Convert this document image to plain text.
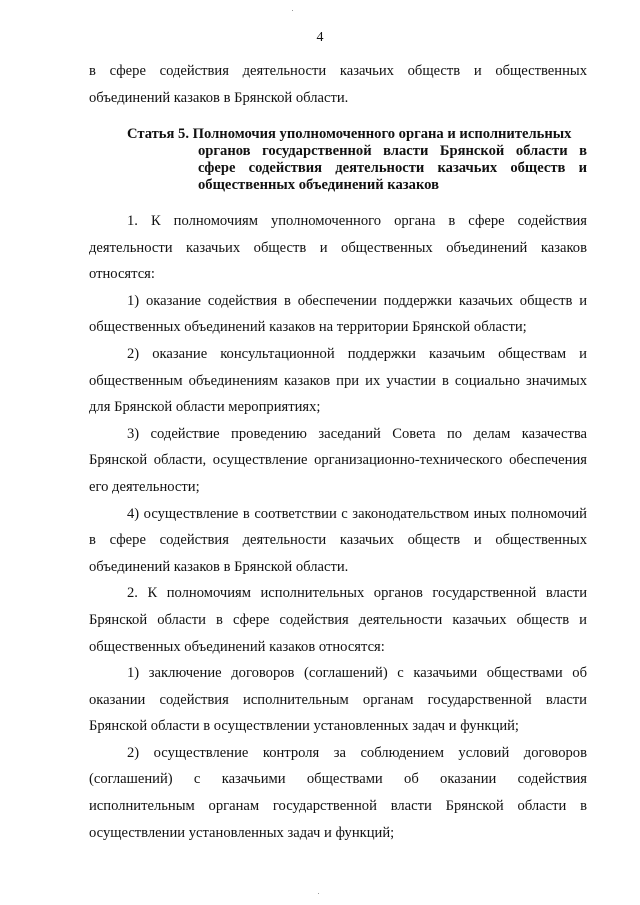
4
в сфере содействия деятельности казачьих обществ и общественных объединений казаков в Брянской области.
Статья 5. Полномочия уполномоченного органа и исполнительных
органов государственной власти Брянской области в сфере содействия деятельности казачьих обществ и общественных объединений казаков

1. К полномочиям уполномоченного органа в сфере содействия деятельности казачьих обществ и общественных объединений казаков относятся:

1) оказание содействия в обеспечении поддержки казачьих обществ и общественных объединений казаков на территории Брянской области;

2) оказание консультационной поддержки казачьим обществам и общественным объединениям казаков при их участии в социально значимых для Брянской области мероприятиях;

3) содействие проведению заседаний Совета по делам казачества Брянской области, осуществление организационно-технического обеспечения его деятельности;

4) осуществление в соответствии с законодательством иных полномочий в сфере содействия деятельности казачьих обществ и общественных объединений казаков в Брянской области.

2. К полномочиям исполнительных органов государственной власти Брянской области в сфере содействия деятельности казачьих обществ и общественных объединений казаков относятся:

1) заключение договоров (соглашений) с казачьими обществами об оказании содействия исполнительным органам государственной власти Брянской области в осуществлении установленных задач и функций;

2) осуществление контроля за соблюдением условий договоров (соглашений) с казачьими обществами об оказании содействия исполнительным органам государственной власти Брянской области в осуществлении установленных задач и функций;
